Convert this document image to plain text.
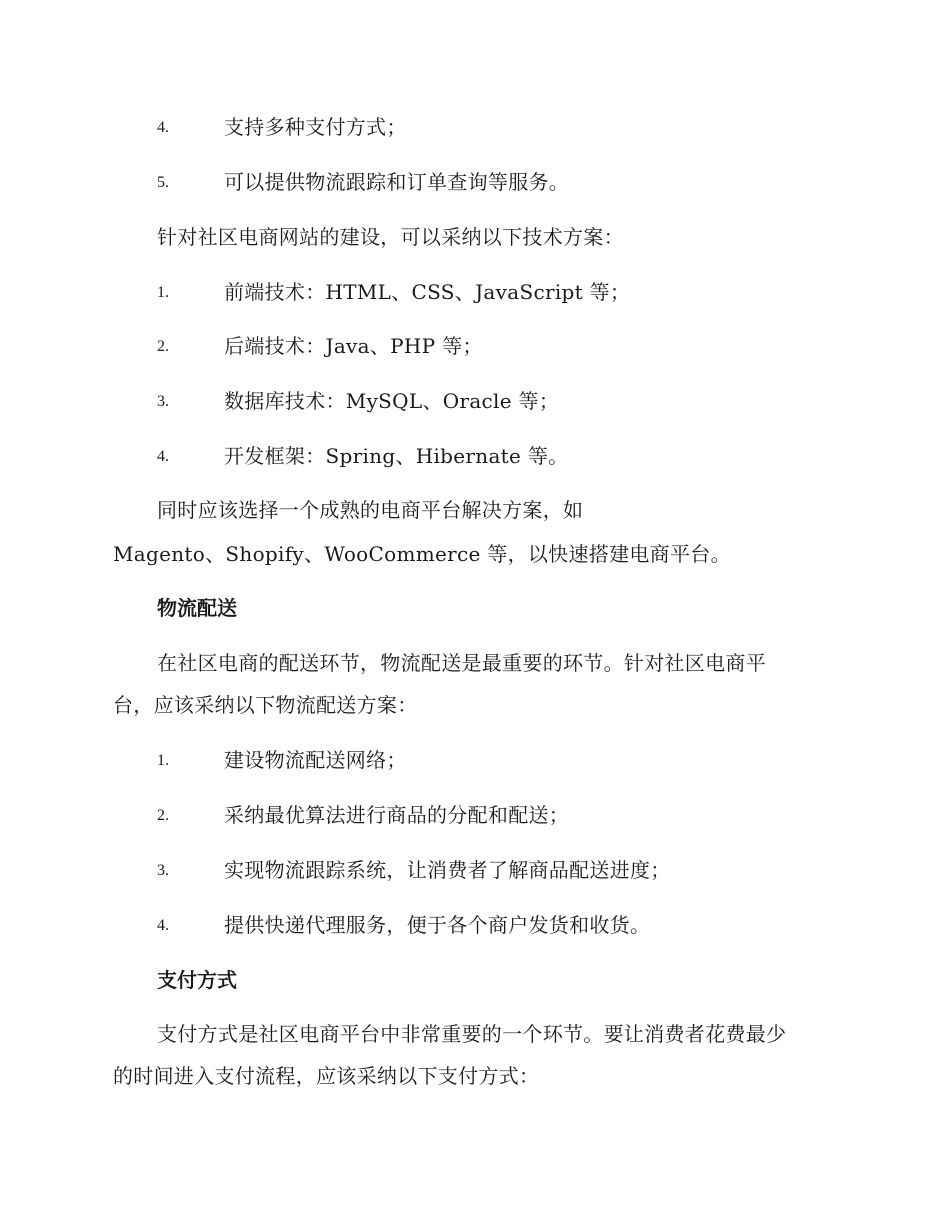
4.	支持多种支付方式；
5.	可以提供物流跟踪和订单查询等服务。
针对社区电商网站的建设，可以采纳以下技术方案：
1.	前端技术：HTML、CSS、JavaScript 等；
2.	后端技术：Java、PHP 等；
3.	数据库技术：MySQL、Oracle 等；
4.	开发框架：Spring、Hibernate 等。
同时应该选择一个成熟的电商平台解决方案，如
Magento、Shopify、WooCommerce 等，以快速搭建电商平台。
物流配送
在社区电商的配送环节，物流配送是最重要的环节。针对社区电商平
台，应该采纳以下物流配送方案：
1.	建设物流配送网络；
2.	采纳最优算法进行商品的分配和配送；
3.	实现物流跟踪系统，让消费者了解商品配送进度；
4.	提供快递代理服务，便于各个商户发货和收货。
支付方式
支付方式是社区电商平台中非常重要的一个环节。要让消费者花费最少
的时间进入支付流程，应该采纳以下支付方式：
